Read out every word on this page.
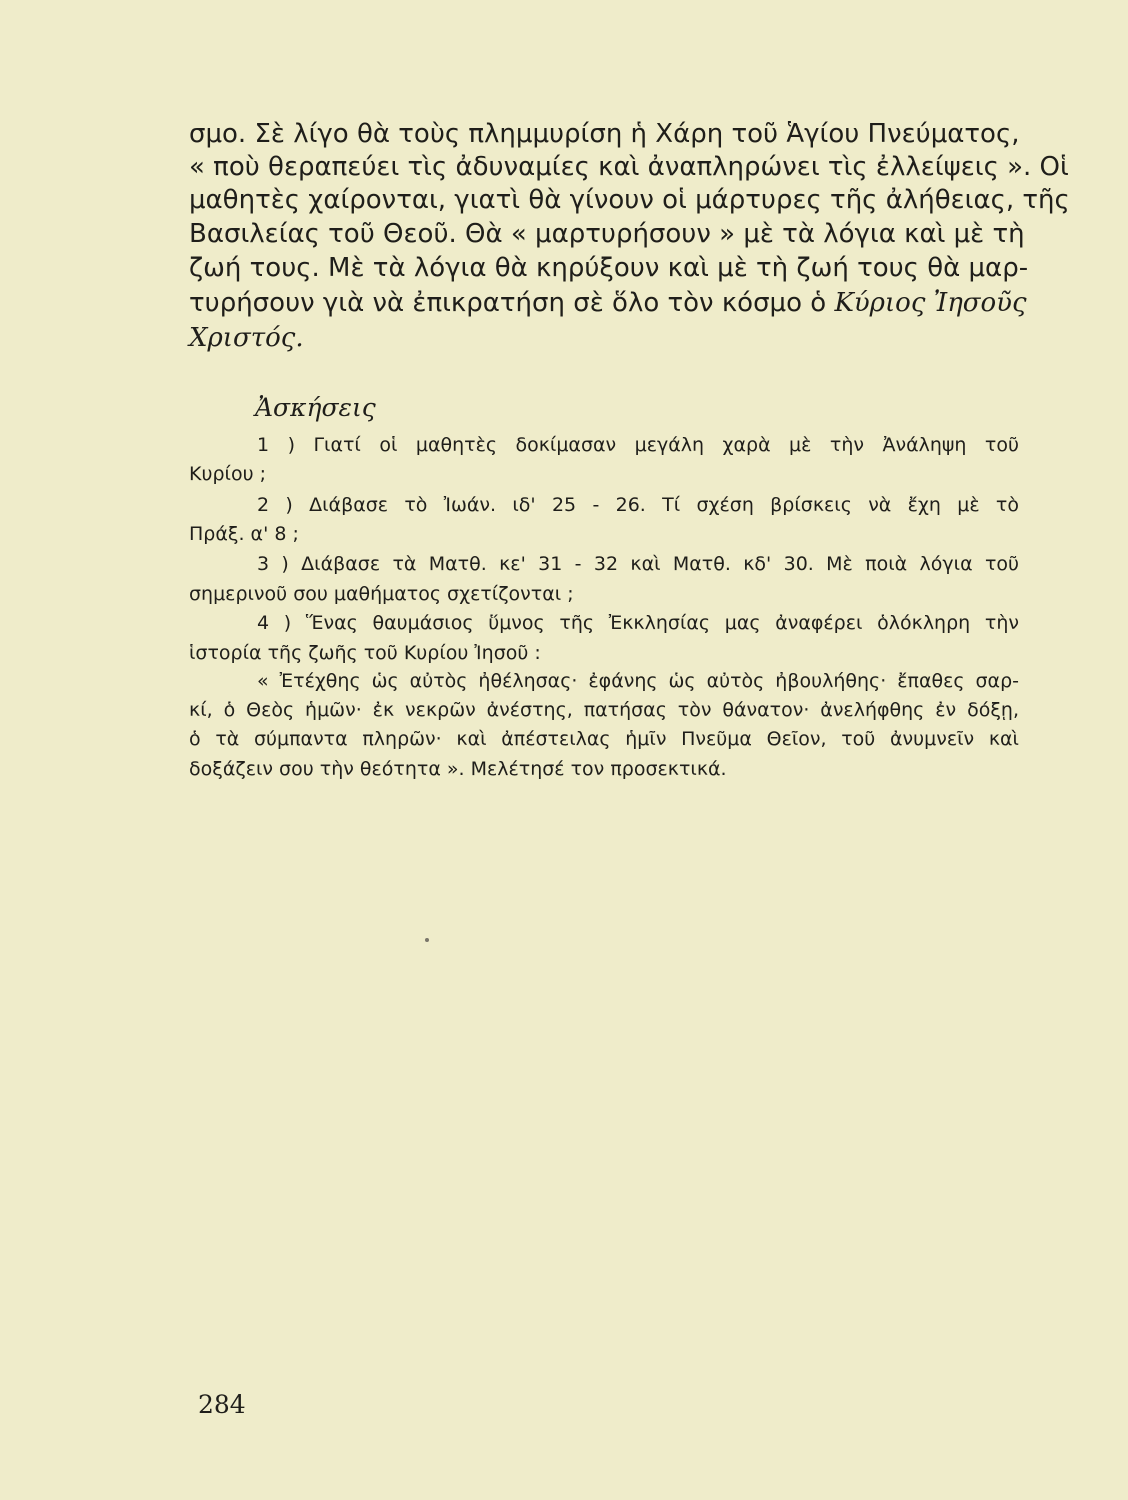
σμο. Σὲ λίγο θὰ τοὺς πλημμυρίση ἡ Χάρη τοῦ Ἁγίου Πνεύματος,
« ποὺ θεραπεύει τὶς ἀδυναμίες καὶ ἀναπληρώνει τὶς ἐλλείψεις ». Οἱ
μαθητὲς χαίρονται, γιατὶ θὰ γίνουν οἱ μάρτυρες τῆς ἀλήθειας, τῆς
Βασιλείας τοῦ Θεοῦ. Θὰ « μαρτυρήσουν » μὲ τὰ λόγια καὶ μὲ τὴ
ζωή τους. Μὲ τὰ λόγια θὰ κηρύξουν καὶ μὲ τὴ ζωή τους θὰ μαρ-
τυρήσουν γιὰ νὰ ἐπικρατήση σὲ ὅλο τὸν κόσμο ὁ Κύριος Ἰησοῦς
Χριστός.
Ἀσκήσεις
1 ) Γιατί οἱ μαθητὲς δοκίμασαν μεγάλη χαρὰ μὲ τὴν Ἀνάληψη τοῦ
Κυρίου ;
2 ) Διάβασε τὸ Ἰωάν. ιδ' 25 - 26. Τί σχέση βρίσκεις νὰ ἔχη μὲ τὸ
Πράξ. α' 8 ;
3 ) Διάβασε τὰ Ματθ. κε' 31 - 32 καὶ Ματθ. κδ' 30. Μὲ ποιὰ λόγια τοῦ
σημερινοῦ σου μαθήματος σχετίζονται ;
4 ) Ἕνας θαυμάσιος ὕμνος τῆς Ἐκκλησίας μας ἀναφέρει ὁλόκληρη τὴν
ἱστορία τῆς ζωῆς τοῦ Κυρίου Ἰησοῦ :
« Ἐτέχθης ὡς αὐτὸς ἠθέλησας· ἐφάνης ὡς αὐτὸς ἠβουλήθης· ἔπαθες σαρ-
κί, ὁ Θεὸς ἡμῶν· ἐκ νεκρῶν ἀνέστης, πατήσας τὸν θάνατον· ἀνελήφθης ἐν δόξῃ,
ὁ τὰ σύμπαντα πληρῶν· καὶ ἀπέστειλας ἡμῖν Πνεῦμα Θεῖον, τοῦ ἀνυμνεῖν καὶ
δοξάζειν σου τὴν θεότητα ». Μελέτησέ τον προσεκτικά.
284
